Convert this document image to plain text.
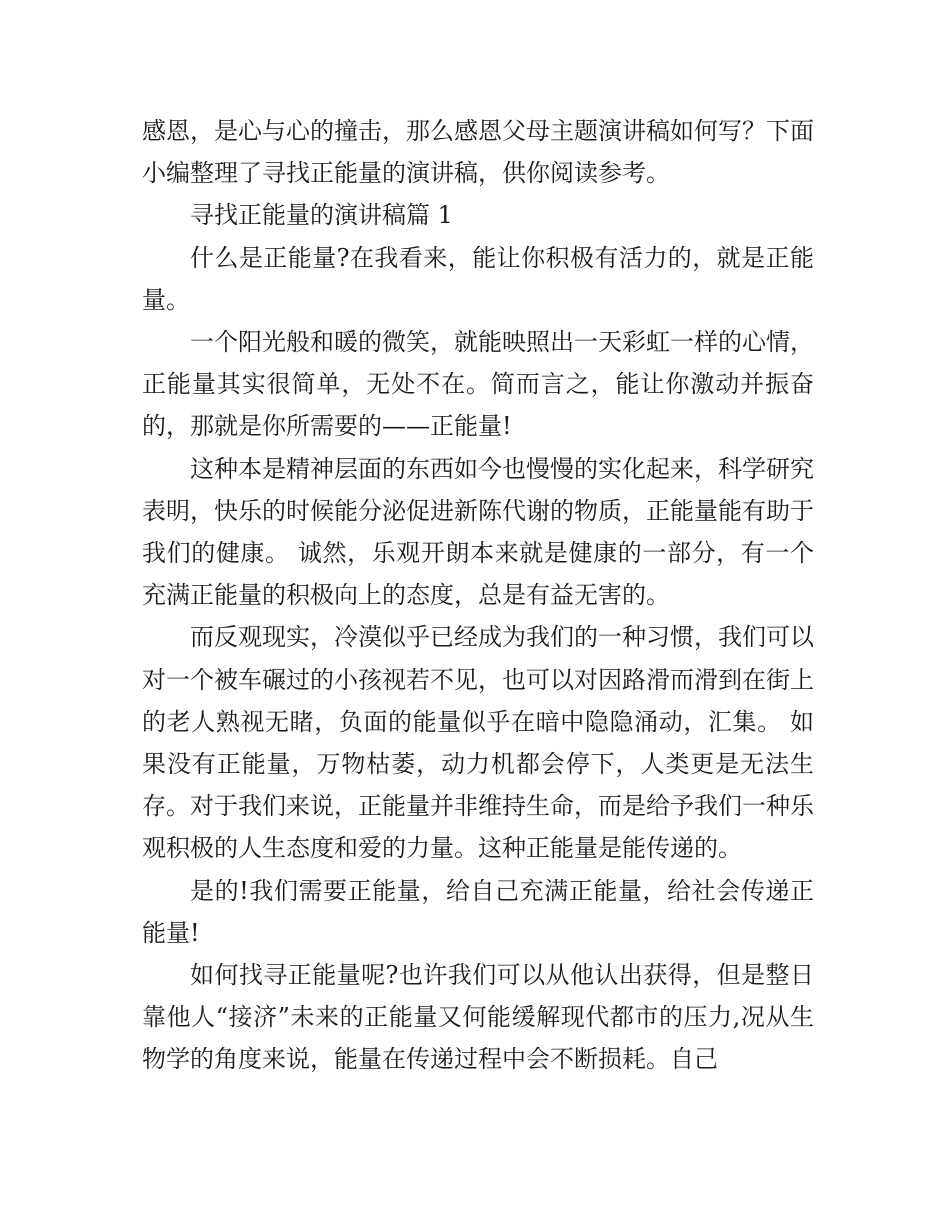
感恩，是心与心的撞击，那么感恩父母主题演讲稿如何写？下面小编整理了寻找正能量的演讲稿，供你阅读参考。

寻找正能量的演讲稿篇 1

什么是正能量?在我看来，能让你积极有活力的，就是正能量。

一个阳光般和暖的微笑，就能映照出一天彩虹一样的心情，正能量其实很简单，无处不在。简而言之，能让你激动并振奋的，那就是你所需要的——正能量!

这种本是精神层面的东西如今也慢慢的实化起来，科学研究表明，快乐的时候能分泌促进新陈代谢的物质，正能量能有助于我们的健康。 诚然，乐观开朗本来就是健康的一部分，有一个充满正能量的积极向上的态度，总是有益无害的。

而反观现实，冷漠似乎已经成为我们的一种习惯，我们可以对一个被车碾过的小孩视若不见，也可以对因路滑而滑到在街上的老人熟视无睹，负面的能量似乎在暗中隐隐涌动，汇集。 如果没有正能量，万物枯萎，动力机都会停下，人类更是无法生存。对于我们来说，正能量并非维持生命，而是给予我们一种乐观积极的人生态度和爱的力量。这种正能量是能传递的。

是的!我们需要正能量，给自己充满正能量，给社会传递正能量!

如何找寻正能量呢?也许我们可以从他认出获得，但是整日靠他人“接济”未来的正能量又何能缓解现代都市的压力,况从生物学的角度来说，能量在传递过程中会不断损耗。自己
